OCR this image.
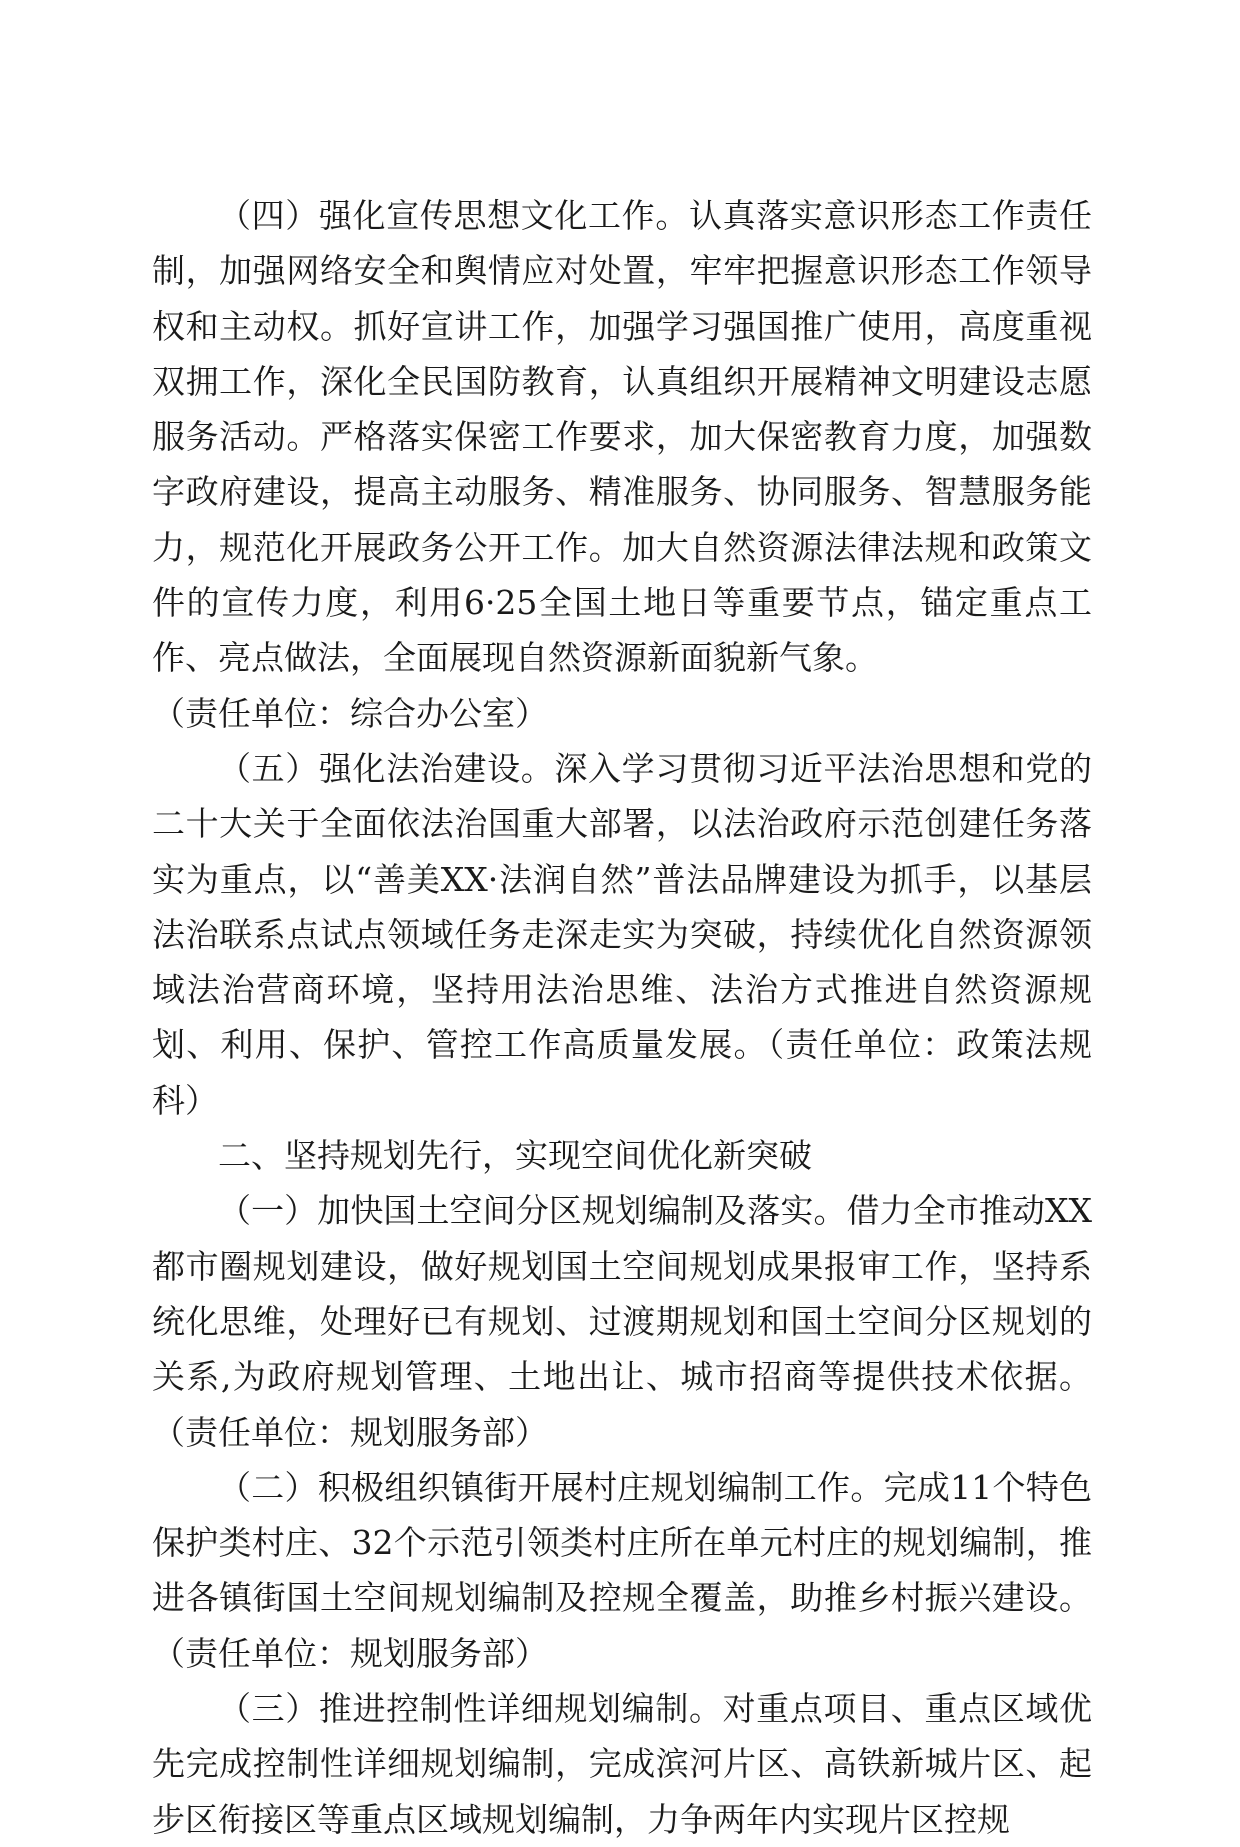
（四）强化宣传思想文化工作。认真落实意识形态工作责任制，加强网络安全和舆情应对处置，牢牢把握意识形态工作领导权和主动权。抓好宣讲工作，加强学习强国推广使用，高度重视双拥工作，深化全民国防教育，认真组织开展精神文明建设志愿服务活动。严格落实保密工作要求，加大保密教育力度，加强数字政府建设，提高主动服务、精准服务、协同服务、智慧服务能力，规范化开展政务公开工作。加大自然资源法律法规和政策文件的宣传力度，利用6·25全国土地日等重要节点，锚定重点工作、亮点做法，全面展现自然资源新面貌新气象。

（责任单位：综合办公室）

（五）强化法治建设。深入学习贯彻习近平法治思想和党的二十大关于全面依法治国重大部署，以法治政府示范创建任务落实为重点，以“善美XX·法润自然”普法品牌建设为抓手，以基层法治联系点试点领域任务走深走实为突破，持续优化自然资源领域法治营商环境，坚持用法治思维、法治方式推进自然资源规划、利用、保护、管控工作高质量发展。（责任单位：政策法规科）

二、坚持规划先行，实现空间优化新突破

（一）加快国土空间分区规划编制及落实。借力全市推动XX都市圈规划建设，做好规划国土空间规划成果报审工作，坚持系统化思维，处理好已有规划、过渡期规划和国土空间分区规划的关系,为政府规划管理、土地出让、城市招商等提供技术依据。（责任单位：规划服务部）

（二）积极组织镇街开展村庄规划编制工作。完成11个特色保护类村庄、32个示范引领类村庄所在单元村庄的规划编制，推进各镇街国土空间规划编制及控规全覆盖，助推乡村振兴建设。（责任单位：规划服务部）

（三）推进控制性详细规划编制。对重点项目、重点区域优先完成控制性详细规划编制，完成滨河片区、高铁新城片区、起步区衔接区等重点区域规划编制，力争两年内实现片区控规
